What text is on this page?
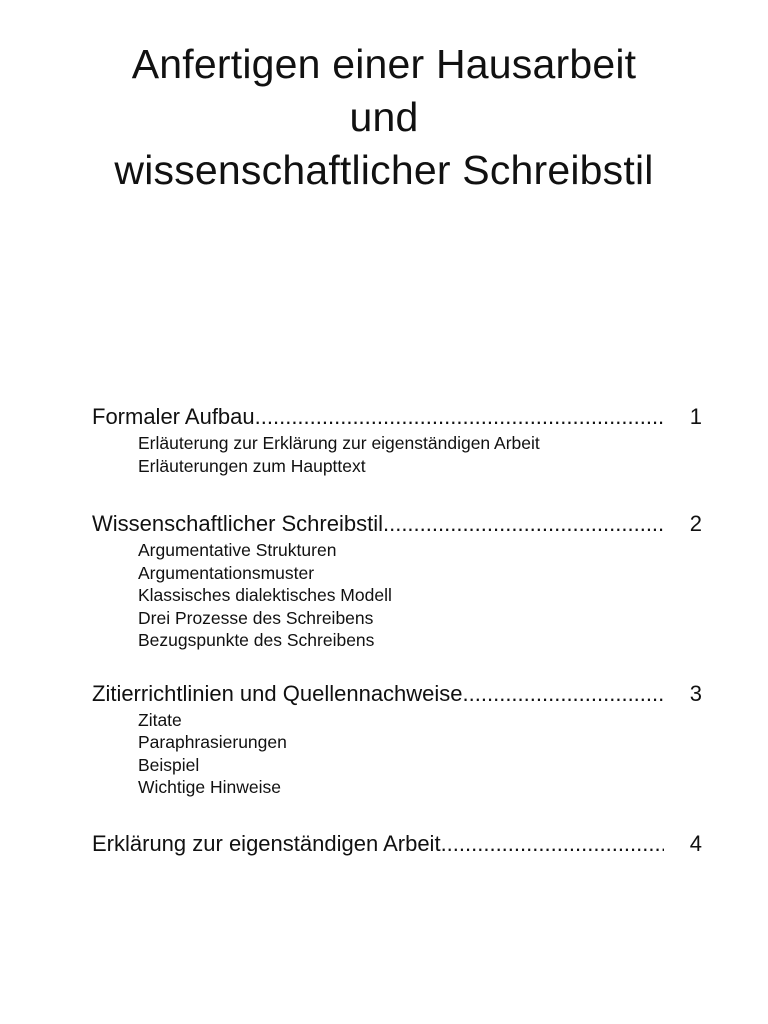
Anfertigen einer Hausarbeit
und
wissenschaftlicher Schreibstil
Formaler Aufbau .....	1
Erläuterung zur Erklärung zur eigenständigen Arbeit
Erläuterungen zum Haupttext
Wissenschaftlicher Schreibstil .....	2
Argumentative Strukturen
Argumentationsmuster
Klassisches dialektisches Modell
Drei Prozesse des Schreibens
Bezugspunkte des Schreibens
Zitierrichtlinien und Quellennachweise .....	3
Zitate
Paraphrasierungen
Beispiel
Wichtige Hinweise
Erklärung zur eigenständigen Arbeit .....	4
